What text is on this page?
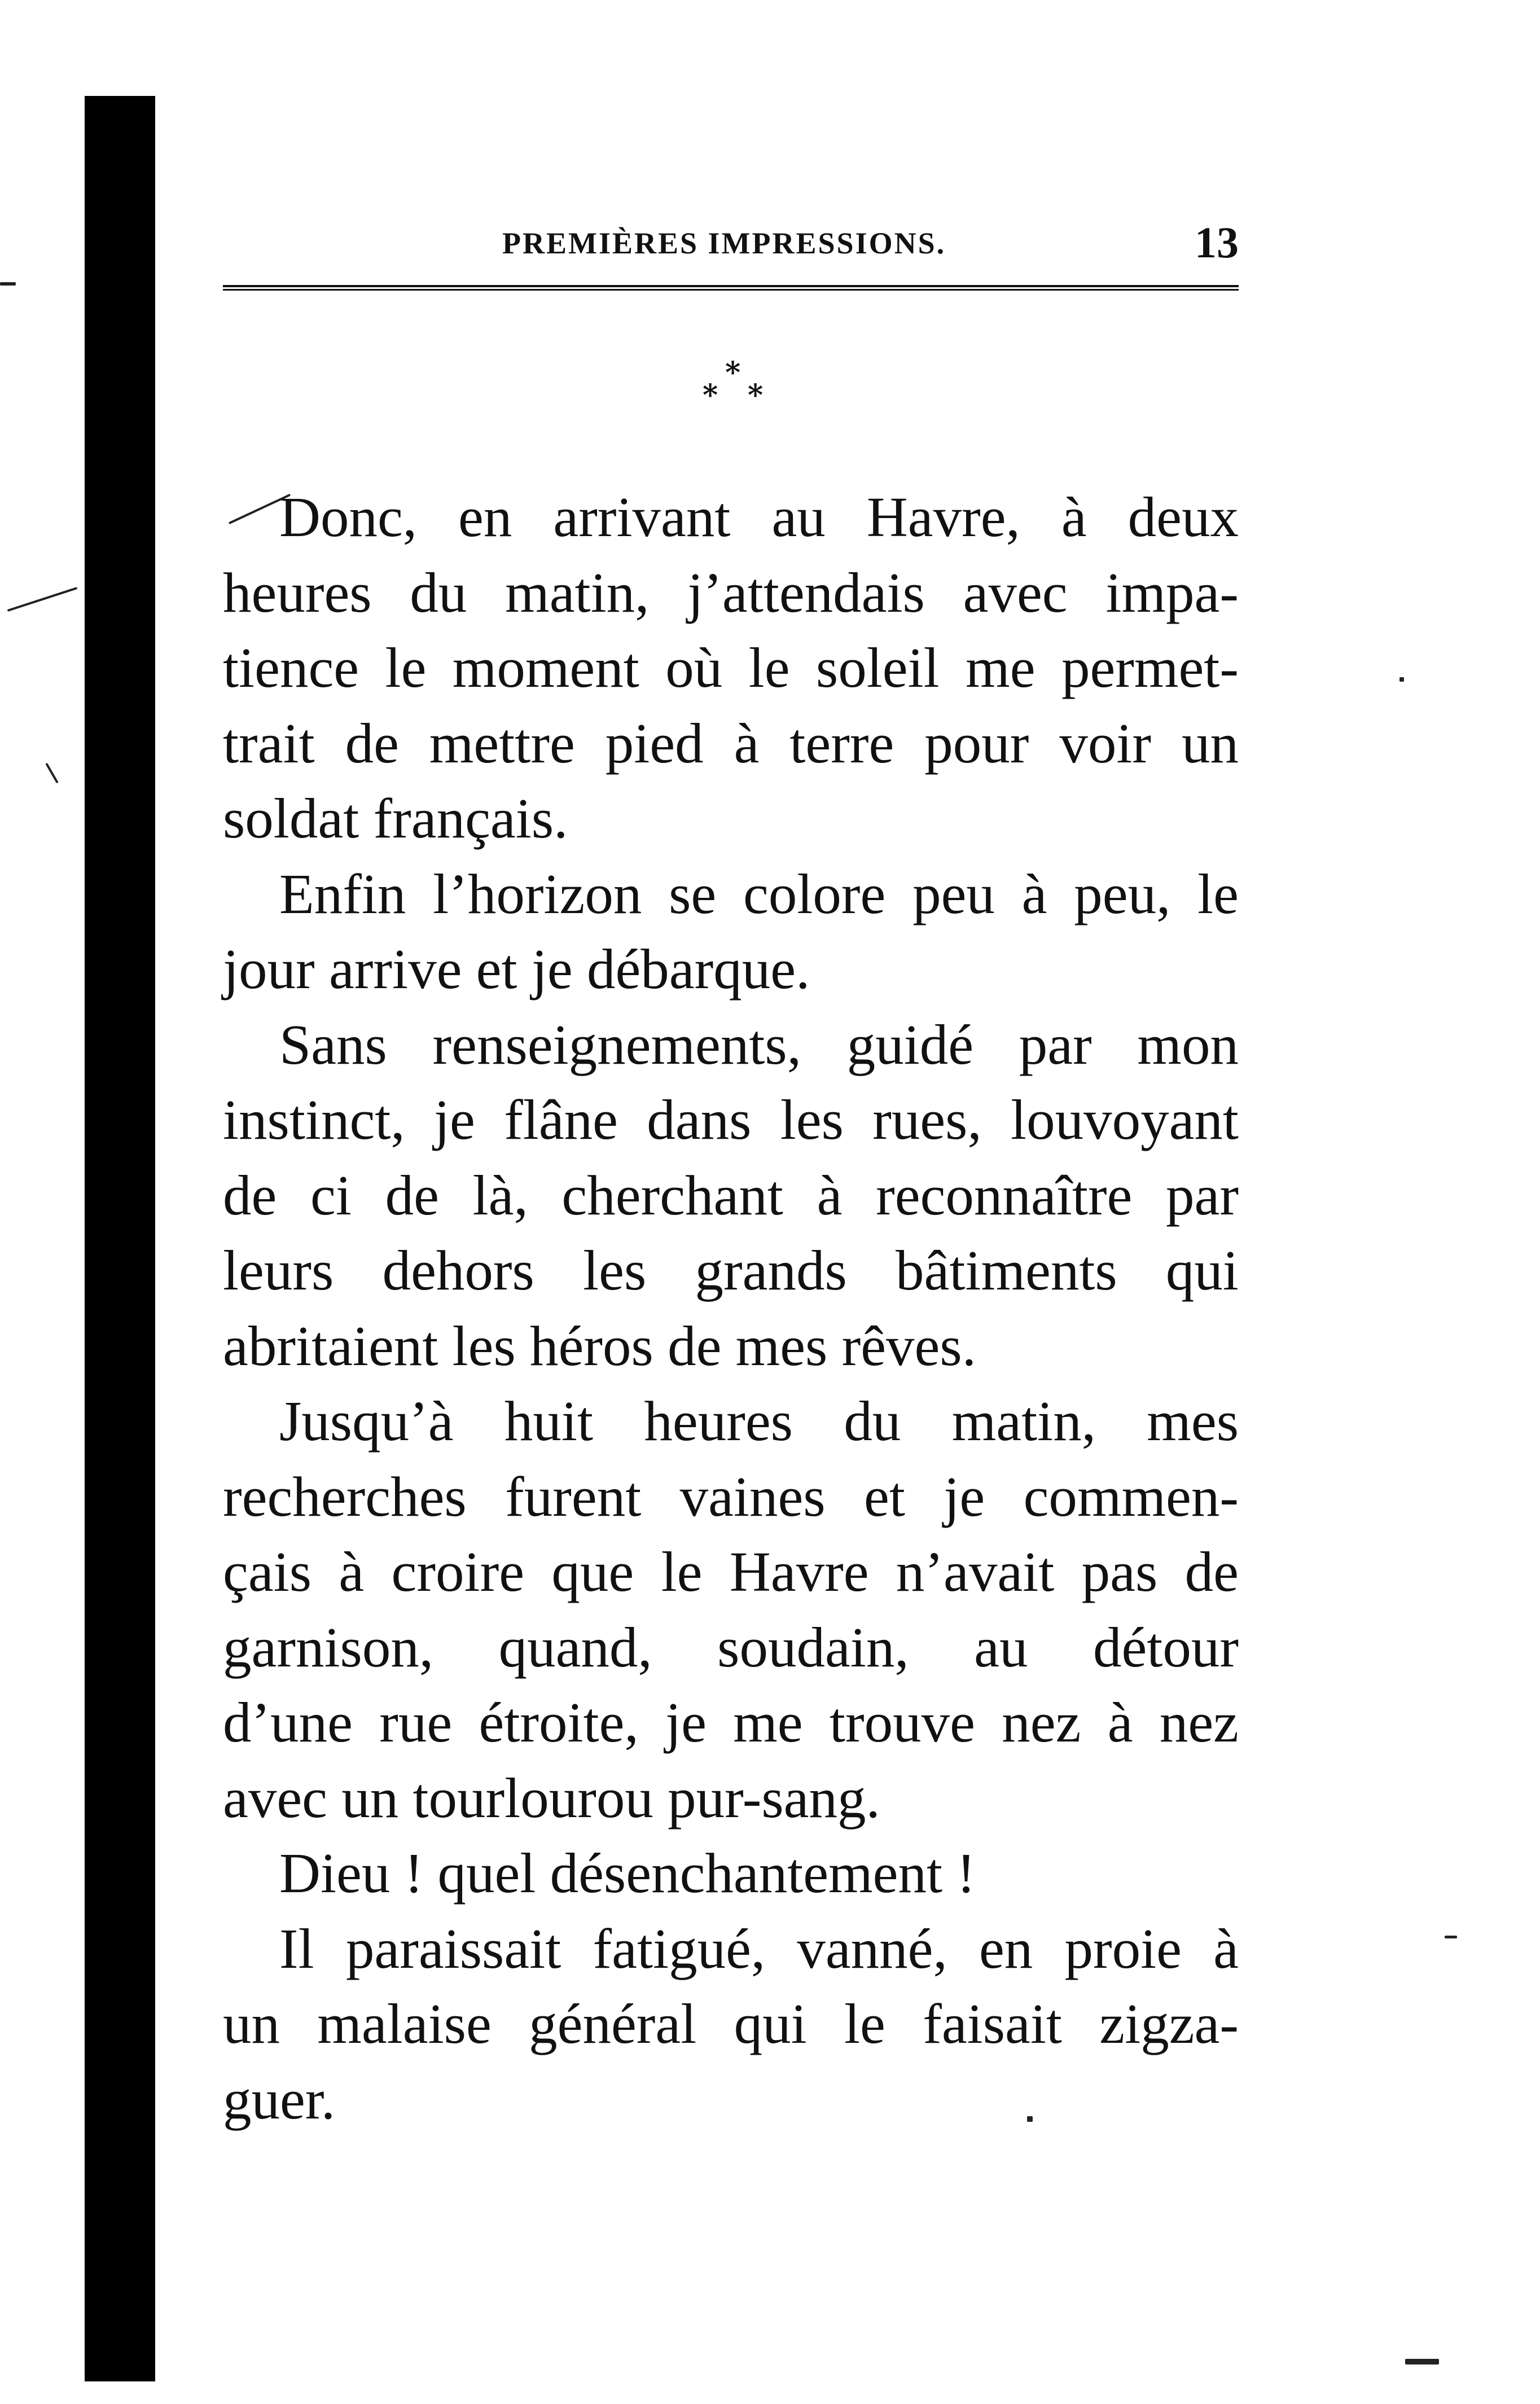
PREMIÈRES IMPRESSIONS.	13
*
* *
Donc, en arrivant au Havre, à deux
heures du matin, j’attendais avec impa-
tience le moment où le soleil me permet-
trait de mettre pied à terre pour voir un
soldat français.
Enfin l’horizon se colore peu à peu, le
jour arrive et je débarque.
Sans renseignements, guidé par mon
instinct, je flâne dans les rues, louvoyant
de ci de là, cherchant à reconnaître par
leurs dehors les grands bâtiments qui
abritaient les héros de mes rêves.
Jusqu’à huit heures du matin, mes
recherches furent vaines et je commen-
çais à croire que le Havre n’avait pas de
garnison, quand, soudain, au détour
d’une rue étroite, je me trouve nez à nez
avec un tourlourou pur-sang.
Dieu ! quel désenchantement !
Il paraissait fatigué, vanné, en proie à
un malaise général qui le faisait zigza-
guer.
